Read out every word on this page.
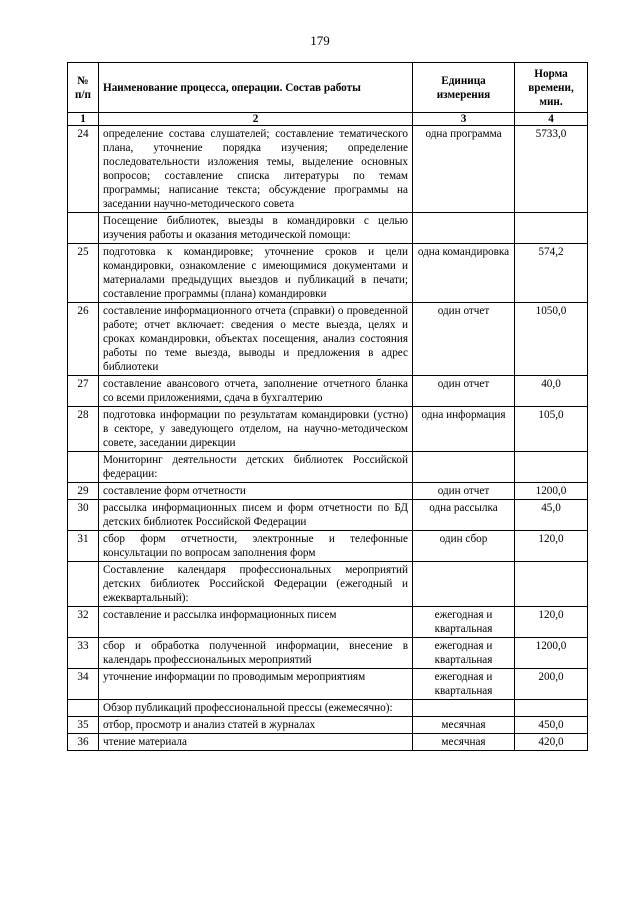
179
№ п/п	Наименование процесса, операции. Состав работы	Единица измерения	Норма времени, мин.
1	2	3	4
24	определение состава слушателей; составление тематического плана, уточнение порядка изучения; определение последовательности изложения темы, выделение основных вопросов; составление списка литературы по темам программы; написание текста; обсуждение программы на заседании научно-методического совета	одна программа	5733,0
	Посещение библиотек, выезды в командировки с целью изучения работы и оказания методической помощи:		
25	подготовка к командировке; уточнение сроков и цели командировки, ознакомление с имеющимися документами и материалами предыдущих выездов и публикаций в печати; составление программы (плана) командировки	одна командировка	574,2
26	составление информационного отчета (справки) о проведенной работе; отчет включает: сведения о месте выезда, целях и сроках командировки, объектах посещения, анализ состояния работы по теме выезда, выводы и предложения в адрес библиотеки	один отчет	1050,0
27	составление авансового отчета, заполнение отчетного бланка со всеми приложениями, сдача в бухгалтерию	один отчет	40,0
28	подготовка информации по результатам командировки (устно) в секторе, у заведующего отделом, на научно-методическом совете, заседании дирекции	одна информация	105,0
	Мониторинг деятельности детских библиотек Российской федерации:		
29	составление форм отчетности	один отчет	1200,0
30	рассылка информационных писем и форм отчетности по БД детских библиотек Российской Федерации	одна рассылка	45,0
31	сбор форм отчетности, электронные и телефонные консультации по вопросам заполнения форм	один сбор	120,0
	Составление календаря профессиональных мероприятий детских библиотек Российской Федерации (ежегодный и ежеквартальный):		
32	составление и рассылка информационных писем	ежегодная и квартальная	120,0
33	сбор и обработка полученной информации, внесение в календарь профессиональных мероприятий	ежегодная и квартальная	1200,0
34	уточнение информации по проводимым мероприятиям	ежегодная и квартальная	200,0
	Обзор публикаций профессиональной прессы (ежемесячно):		
35	отбор, просмотр и анализ статей в журналах	месячная	450,0
36	чтение материала	месячная	420,0
